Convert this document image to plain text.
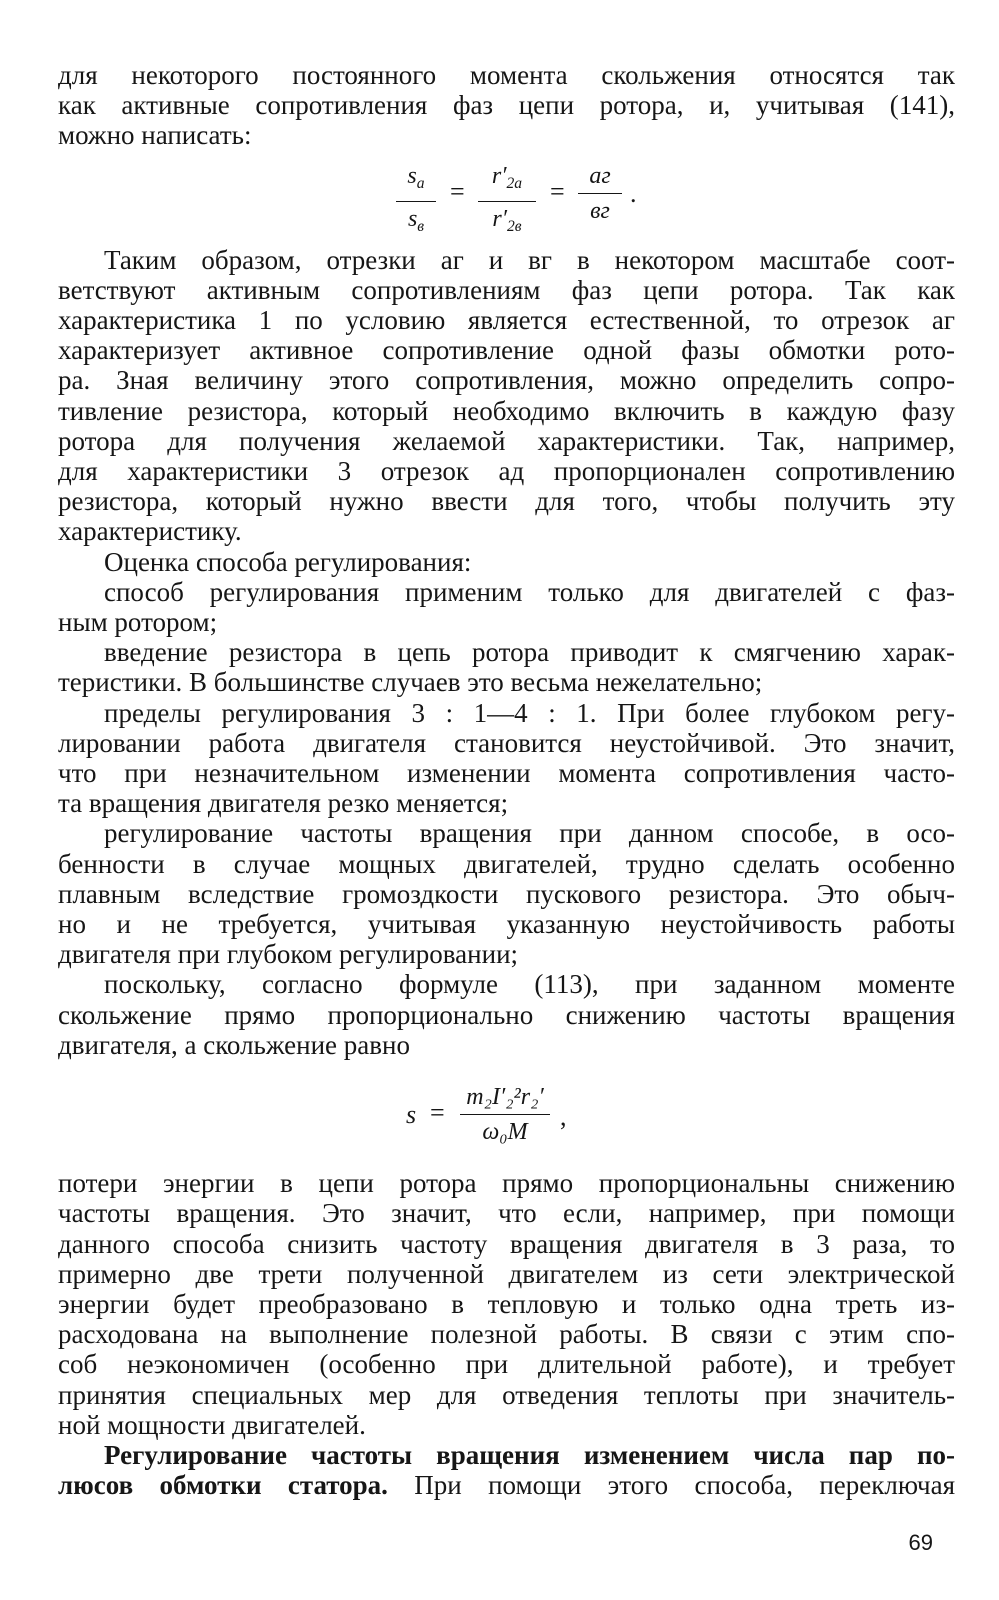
для некоторого постоянного момента скольжения относятся так
как активные сопротивления фаз цепи ротора, и, учитывая (141),
можно написать:
$s_a$
$s_в$
=
$r'_{2a}$
$r'_{2в}$
=
аг
вг
.
Таким образом, отрезки аг и вг в некотором масштабе соот-
ветствуют активным сопротивлениям фаз цепи ротора. Так как
характеристика 1 по условию является естественной, то отрезок аг
характеризует активное сопротивление одной фазы обмотки рото-
ра. Зная величину этого сопротивления, можно определить сопро-
тивление резистора, который необходимо включить в каждую фазу
ротора для получения желаемой характеристики. Так, например,
для характеристики 3 отрезок ад пропорционален сопротивлению
резистора, который нужно ввести для того, чтобы получить эту
характеристику.
Оценка способа регулирования:
способ регулирования применим только для двигателей с фаз-
ным ротором;
введение резистора в цепь ротора приводит к смягчению харак-
теристики. В большинстве случаев это весьма нежелательно;
пределы регулирования 3 : 1—4 : 1. При более глубоком регу-
лировании работа двигателя становится неустойчивой. Это значит,
что при незначительном изменении момента сопротивления часто-
та вращения двигателя резко меняется;
регулирование частоты вращения при данном способе, в осо-
бенности в случае мощных двигателей, трудно сделать особенно
плавным вследствие громоздкости пускового резистора. Это обыч-
но и не требуется, учитывая указанную неустойчивость работы
двигателя при глубоком регулировании;
поскольку, согласно формуле (113), при заданном моменте
скольжение прямо пропорционально снижению частоты вращения
двигателя, а скольжение равно
s =
m₂I′₂²r₂′
ω₀M
,
потери энергии в цепи ротора прямо пропорциональны снижению
частоты вращения. Это значит, что если, например, при помощи
данного способа снизить частоту вращения двигателя в 3 раза, то
примерно две трети полученной двигателем из сети электрической
энергии будет преобразовано в тепловую и только одна треть из-
расходована на выполнение полезной работы. В связи с этим спо-
соб неэкономичен (особенно при длительной работе), и требует
принятия специальных мер для отведения теплоты при значитель-
ной мощности двигателей.
Регулирование частоты вращения изменением числа пар по-
люсов обмотки статора. При помощи этого способа, переключая
69
